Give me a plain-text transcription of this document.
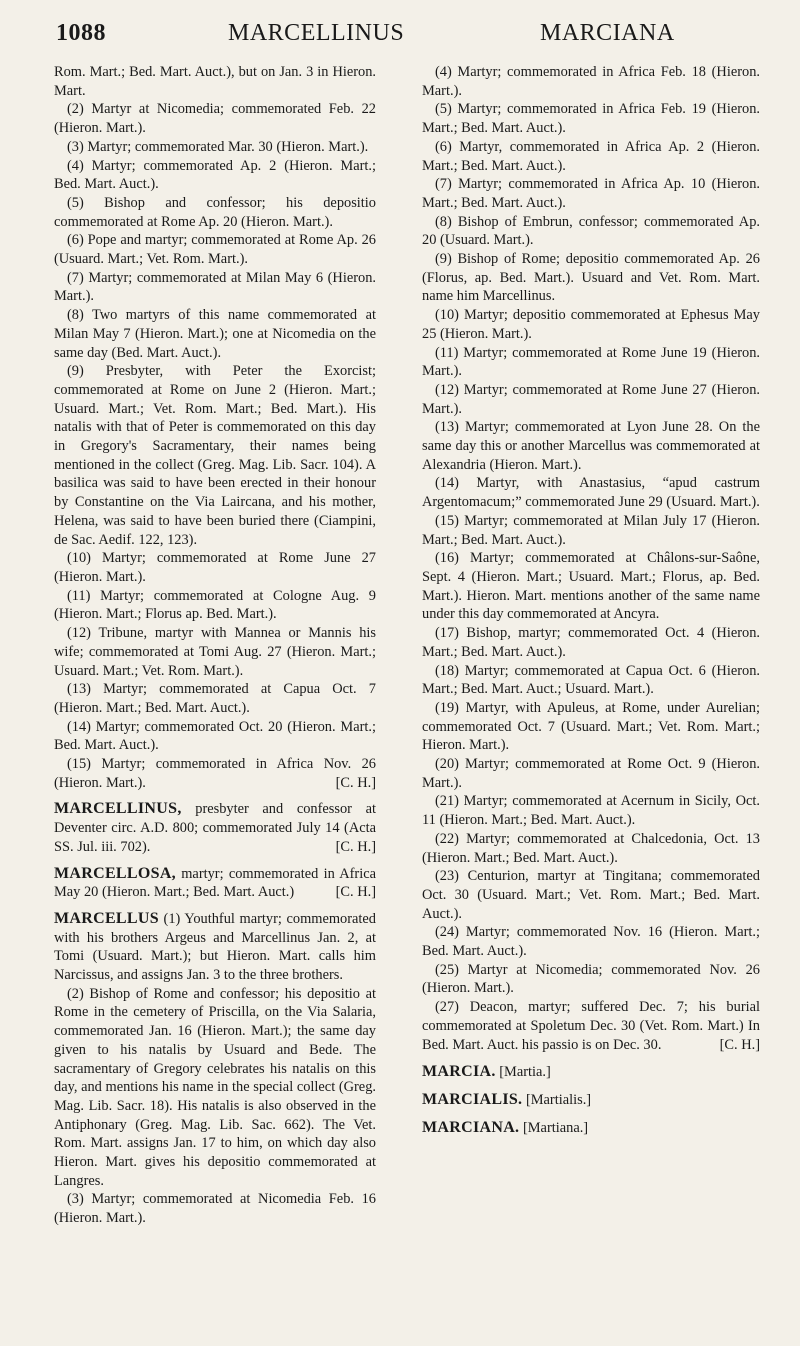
1088	MARCELLINUS	MARCIANA

Rom. Mart.; Bed. Mart. Auct.), but on Jan. 3 in Hieron. Mart.

(2) Martyr at Nicomedia; commemorated Feb. 22 (Hieron. Mart.).

(3) Martyr; commemorated Mar. 30 (Hieron. Mart.).

(4) Martyr; commemorated Ap. 2 (Hieron. Mart.; Bed. Mart. Auct.).

(5) Bishop and confessor; his depositio commemorated at Rome Ap. 20 (Hieron. Mart.).

(6) Pope and martyr; commemorated at Rome Ap. 26 (Usuard. Mart.; Vet. Rom. Mart.).

(7) Martyr; commemorated at Milan May 6 (Hieron. Mart.).

(8) Two martyrs of this name commemorated at Milan May 7 (Hieron. Mart.); one at Nicomedia on the same day (Bed. Mart. Auct.).

(9) Presbyter, with Peter the Exorcist; commemorated at Rome on June 2 (Hieron. Mart.; Usuard. Mart.; Vet. Rom. Mart.; Bed. Mart.). His natalis with that of Peter is commemorated on this day in Gregory's Sacramentary, their names being mentioned in the collect (Greg. Mag. Lib. Sacr. 104). A basilica was said to have been erected in their honour by Constantine on the Via Laircana, and his mother, Helena, was said to have been buried there (Ciampini, de Sac. Aedif. 122, 123).

(10) Martyr; commemorated at Rome June 27 (Hieron. Mart.).

(11) Martyr; commemorated at Cologne Aug. 9 (Hieron. Mart.; Florus ap. Bed. Mart.).

(12) Tribune, martyr with Mannea or Mannis his wife; commemorated at Tomi Aug. 27 (Hieron. Mart.; Usuard. Mart.; Vet. Rom. Mart.).

(13) Martyr; commemorated at Capua Oct. 7 (Hieron. Mart.; Bed. Mart. Auct.).

(14) Martyr; commemorated Oct. 20 (Hieron. Mart.; Bed. Mart. Auct.).

(15) Martyr; commemorated in Africa Nov. 26 (Hieron. Mart.).	[C. H.]

MARCELLINUS, presbyter and confessor at Deventer circ. A.D. 800; commemorated July 14 (Acta SS. Jul. iii. 702).	[C. H.]

MARCELLOSA, martyr; commemorated in Africa May 20 (Hieron. Mart.; Bed. Mart. Auct.)	[C. H.]

MARCELLUS (1) Youthful martyr; commemorated with his brothers Argeus and Marcellinus Jan. 2, at Tomi (Usuard. Mart.); but Hieron. Mart. calls him Narcissus, and assigns Jan. 3 to the three brothers.

(2) Bishop of Rome and confessor; his depositio at Rome in the cemetery of Priscilla, on the Via Salaria, commemorated Jan. 16 (Hieron. Mart.); the same day given to his natalis by Usuard and Bede. The sacramentary of Gregory celebrates his natalis on this day, and mentions his name in the special collect (Greg. Mag. Lib. Sacr. 18). His natalis is also observed in the Antiphonary (Greg. Mag. Lib. Sac. 662). The Vet. Rom. Mart. assigns Jan. 17 to him, on which day also Hieron. Mart. gives his depositio commemorated at Langres.

(3) Martyr; commemorated at Nicomedia Feb. 16 (Hieron. Mart.).

(4) Martyr; commemorated in Africa Feb. 18 (Hieron. Mart.).

(5) Martyr; commemorated in Africa Feb. 19 (Hieron. Mart.; Bed. Mart. Auct.).

(6) Martyr, commemorated in Africa Ap. 2 (Hieron. Mart.; Bed. Mart. Auct.).

(7) Martyr; commemorated in Africa Ap. 10 (Hieron. Mart.; Bed. Mart. Auct.).

(8) Bishop of Embrun, confessor; commemorated Ap. 20 (Usuard. Mart.).

(9) Bishop of Rome; depositio commemorated Ap. 26 (Florus, ap. Bed. Mart.). Usuard and Vet. Rom. Mart. name him Marcellinus.

(10) Martyr; depositio commemorated at Ephesus May 25 (Hieron. Mart.).

(11) Martyr; commemorated at Rome June 19 (Hieron. Mart.).

(12) Martyr; commemorated at Rome June 27 (Hieron. Mart.).

(13) Martyr; commemorated at Lyon June 28. On the same day this or another Marcellus was commemorated at Alexandria (Hieron. Mart.).

(14) Martyr, with Anastasius, “apud castrum Argentomacum;” commemorated June 29 (Usuard. Mart.).

(15) Martyr; commemorated at Milan July 17 (Hieron. Mart.; Bed. Mart. Auct.).

(16) Martyr; commemorated at Châlons-sur-Saône, Sept. 4 (Hieron. Mart.; Usuard. Mart.; Florus, ap. Bed. Mart.). Hieron. Mart. mentions another of the same name under this day commemorated at Ancyra.

(17) Bishop, martyr; commemorated Oct. 4 (Hieron. Mart.; Bed. Mart. Auct.).

(18) Martyr; commemorated at Capua Oct. 6 (Hieron. Mart.; Bed. Mart. Auct.; Usuard. Mart.).

(19) Martyr, with Apuleus, at Rome, under Aurelian; commemorated Oct. 7 (Usuard. Mart.; Vet. Rom. Mart.; Hieron. Mart.).

(20) Martyr; commemorated at Rome Oct. 9 (Hieron. Mart.).

(21) Martyr; commemorated at Acernum in Sicily, Oct. 11 (Hieron. Mart.; Bed. Mart. Auct.).

(22) Martyr; commemorated at Chalcedonia, Oct. 13 (Hieron. Mart.; Bed. Mart. Auct.).

(23) Centurion, martyr at Tingitana; commemorated Oct. 30 (Usuard. Mart.; Vet. Rom. Mart.; Bed. Mart. Auct.).

(24) Martyr; commemorated Nov. 16 (Hieron. Mart.; Bed. Mart. Auct.).

(25) Martyr at Nicomedia; commemorated Nov. 26 (Hieron. Mart.).

(27) Deacon, martyr; suffered Dec. 7; his burial commemorated at Spoletum Dec. 30 (Vet. Rom. Mart.) In Bed. Mart. Auct. his passio is on Dec. 30.	[C. H.]

MARCIA. [Martia.]

MARCIALIS. [Martialis.]

MARCIANA. [Martiana.]
